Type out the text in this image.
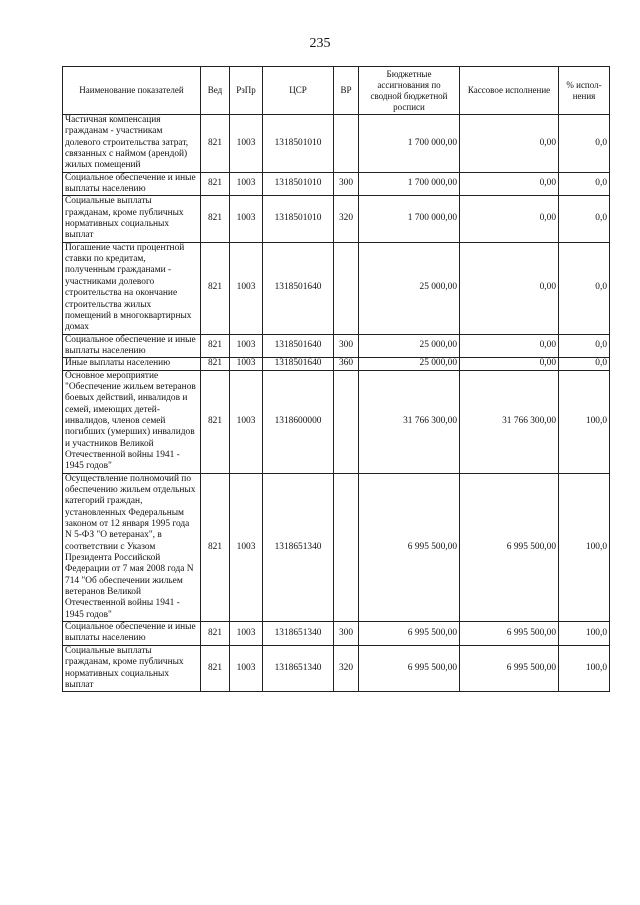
235
Наименование показателей	Вед	РзПр	ЦСР	ВР	Бюджетные ассигнования по сводной бюджетной росписи	Кассовое исполнение	% испол-нения
Частичная компенсация гражданам - участникам долевого строительства затрат, связанных с наймом (арендой) жилых помещений	821	1003	1318501010		1 700 000,00	0,00	0,0
Социальное обеспечение и иные выплаты населению	821	1003	1318501010	300	1 700 000,00	0,00	0,0
Социальные выплаты гражданам, кроме публичных нормативных социальных выплат	821	1003	1318501010	320	1 700 000,00	0,00	0,0
Погашение части процентной ставки по кредитам, полученным гражданами - участниками долевого строительства на окончание строительства жилых помещений в многоквартирных домах	821	1003	1318501640		25 000,00	0,00	0,0
Социальное обеспечение и иные выплаты населению	821	1003	1318501640	300	25 000,00	0,00	0,0
Иные выплаты населению	821	1003	1318501640	360	25 000,00	0,00	0,0
Основное мероприятие "Обеспечение жильем ветеранов боевых действий, инвалидов и семей, имеющих детей-инвалидов, членов семей погибших (умерших) инвалидов и участников Великой Отечественной войны 1941 - 1945 годов"	821	1003	1318600000		31 766 300,00	31 766 300,00	100,0
Осуществление полномочий по обеспечению жильем отдельных категорий граждан, установленных Федеральным законом от 12 января 1995 года N 5-ФЗ "О ветеранах", в соответствии с Указом Президента Российской Федерации от 7 мая 2008 года N 714 "Об обеспечении жильем ветеранов Великой Отечественной войны 1941 - 1945 годов"	821	1003	1318651340		6 995 500,00	6 995 500,00	100,0
Социальное обеспечение и иные выплаты населению	821	1003	1318651340	300	6 995 500,00	6 995 500,00	100,0
Социальные выплаты гражданам, кроме публичных нормативных социальных выплат	821	1003	1318651340	320	6 995 500,00	6 995 500,00	100,0
